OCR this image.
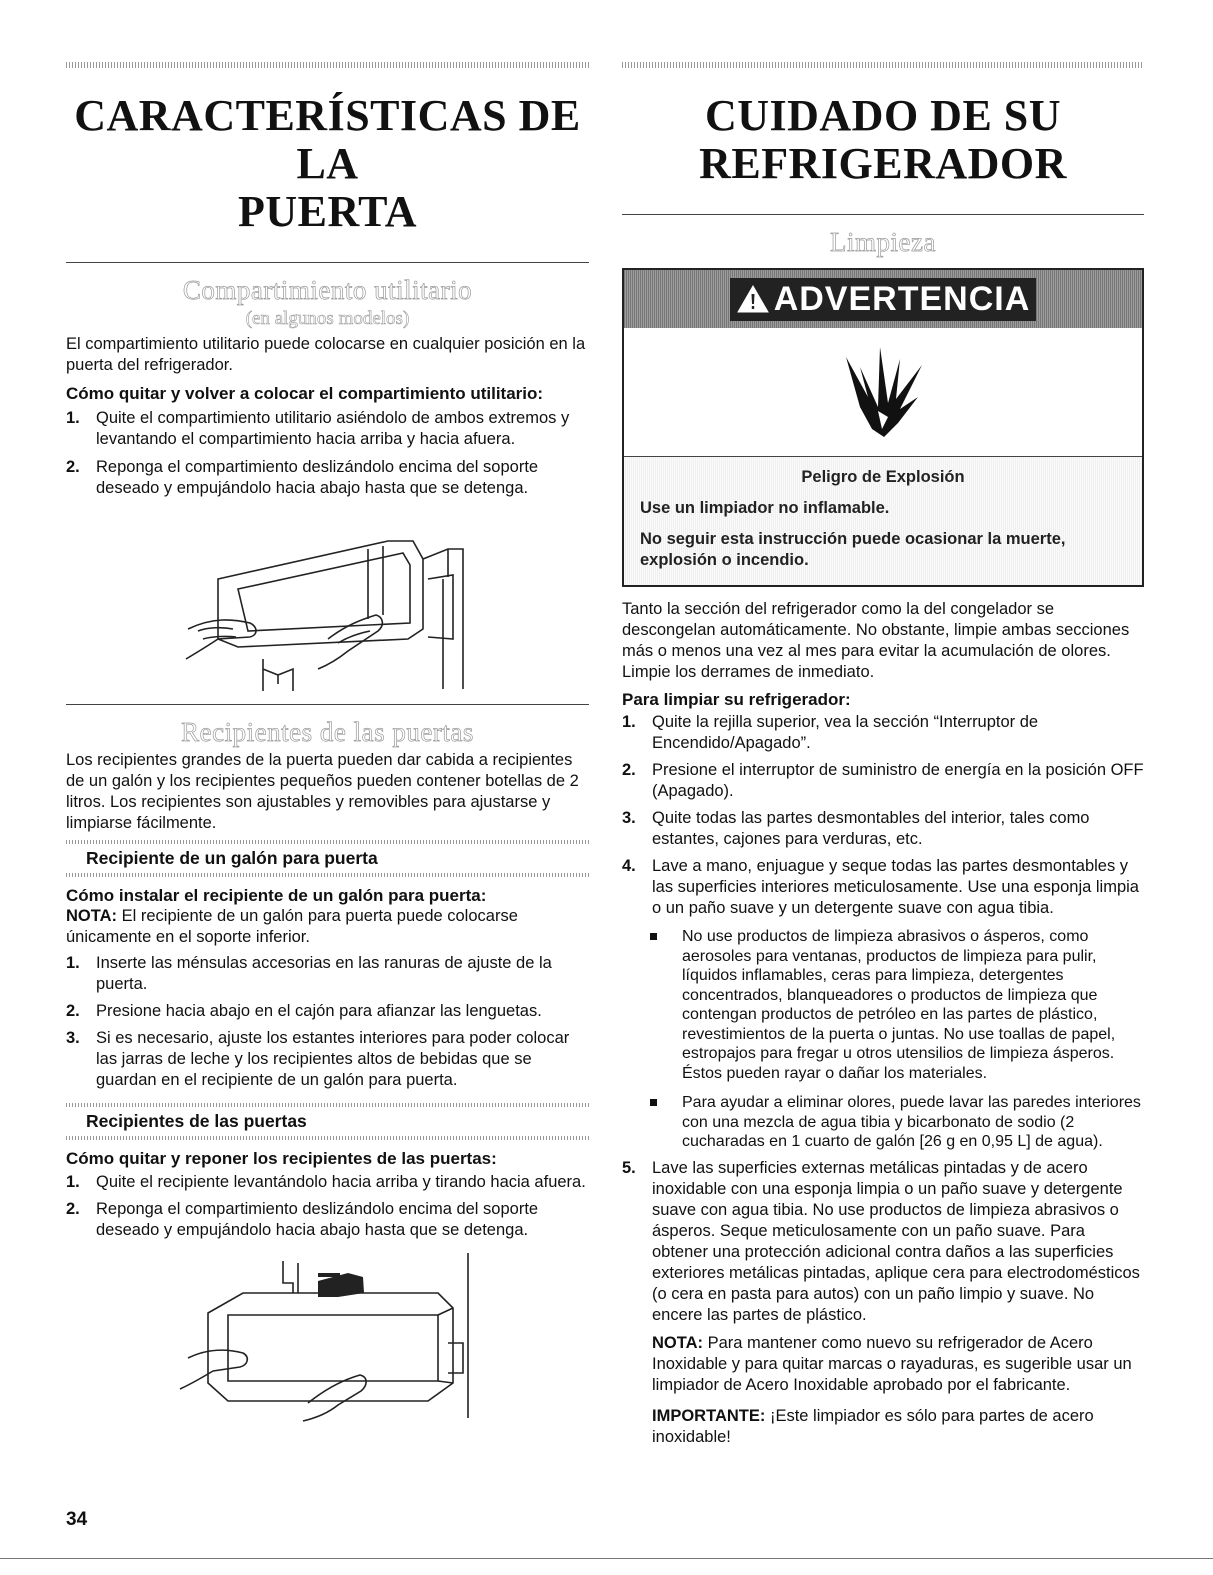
CARACTERÍSTICAS DE LA
PUERTA

Compartimiento utilitario

(en algunos modelos)

El compartimiento utilitario puede colocarse en cualquier posición en la puerta del refrigerador.

Cómo quitar y volver a colocar el compartimiento utilitario:

1. Quite el compartimiento utilitario asiéndolo de ambos extremos y levantando el compartimiento hacia arriba y hacia afuera.
2. Reponga el compartimiento deslizándolo encima del soporte deseado y empujándolo hacia abajo hasta que se detenga.

Recipientes de las puertas

Los recipientes grandes de la puerta pueden dar cabida a recipientes de un galón y los recipientes pequeños pueden contener botellas de 2 litros. Los recipientes son ajustables y removibles para ajustarse y limpiarse fácilmente.

Recipiente de un galón para puerta

Cómo instalar el recipiente de un galón para puerta:

NOTA: El recipiente de un galón para puerta puede colocarse únicamente en el soporte inferior.

1. Inserte las ménsulas accesorias en las ranuras de ajuste de la puerta.
2. Presione hacia abajo en el cajón para afianzar las lenguetas.
3. Si es necesario, ajuste los estantes interiores para poder colocar las jarras de leche y los recipientes altos de bebidas que se guardan en el recipiente de un galón para puerta.
Recipientes de las puertas

Cómo quitar y reponer los recipientes de las puertas:

1. Quite el recipiente levantándolo hacia arriba y tirando hacia afuera.
2. Reponga el compartimiento deslizándolo encima del soporte deseado y empujándolo hacia abajo hasta que se detenga.
CUIDADO DE SU
REFRIGERADOR

Limpieza

ADVERTENCIA

Peligro de Explosión

Use un limpiador no inflamable.

No seguir esta instrucción puede ocasionar la muerte, explosión o incendio.

Tanto la sección del refrigerador como la del congelador se descongelan automáticamente. No obstante, limpie ambas secciones más o menos una vez al mes para evitar la acumulación de olores. Limpie los derrames de inmediato.

Para limpiar su refrigerador:

1. Quite la rejilla superior, vea la sección “Interruptor de Encendido/Apagado”.
2. Presione el interruptor de suministro de energía en la posición OFF (Apagado).
3. Quite todas las partes desmontables del interior, tales como estantes, cajones para verduras, etc.
4. Lave a mano, enjuague y seque todas las partes desmontables y las superficies interiores meticulosamente. Use una esponja limpia o un paño suave y un detergente suave con agua tibia.
No use productos de limpieza abrasivos o ásperos, como aerosoles para ventanas, productos de limpieza para pulir, líquidos inflamables, ceras para limpieza, detergentes concentrados, blanqueadores o productos de limpieza que contengan productos de petróleo en las partes de plástico, revestimientos de la puerta o juntas. No use toallas de papel, estropajos para fregar u otros utensilios de limpieza ásperos. Éstos pueden rayar o dañar los materiales.
Para ayudar a eliminar olores, puede lavar las paredes interiores con una mezcla de agua tibia y bicarbonato de sodio (2 cucharadas en 1 cuarto de galón [26 g en 0,95 L] de agua).
5. Lave las superficies externas metálicas pintadas y de acero inoxidable con una esponja limpia o un paño suave y detergente suave con agua tibia. No use productos de limpieza abrasivos o ásperos. Seque meticulosamente con un paño suave. Para obtener una protección adicional contra daños a las superficies exteriores metálicas pintadas, aplique cera para electrodomésticos (o cera en pasta para autos) con un paño limpio y suave. No encere las partes de plástico.

NOTA: Para mantener como nuevo su refrigerador de Acero Inoxidable y para quitar marcas o rayaduras, es sugerible usar un limpiador de Acero Inoxidable aprobado por el fabricante.

IMPORTANTE: ¡Este limpiador es sólo para partes de acero inoxidable!

34
